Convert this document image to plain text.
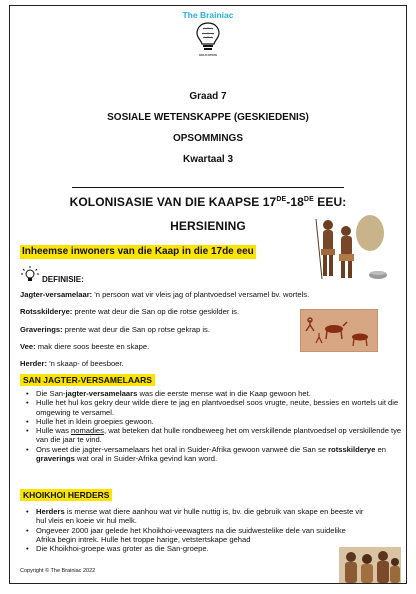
The Brainiac
EDUCATION
Graad 7
SOSIALE WETENSKAPPE (GESKIEDENIS)
OPSOMMINGS
Kwartaal 3
KOLONISASIE VAN DIE KAAPSE 17DE-18DE EEU:
HERSIENING
Inheemse inwoners van die Kaap in die 17de eeu
DEFINISIE:
Jagter-versamelaar: 'n persoon wat vir vleis jag of plantvoedsel versamel bv. wortels.
Rotsskilderye: prente wat deur die San op die rotse geskilder is.
Graverings: prente wat deur die San op rotse gekrap is.
Vee: mak diere soos beeste en skape.
Herder: 'n skaap- of beesboer.
SAN JAGTER-VERSAMELAARS
• Die San-jagter-versamelaars was die eerste mense wat in die Kaap gewoon het.
• Hulle het hul kos gekry deur wilde diere te jag en plantvoedsel soos vrugte, neute, bessies en wortels uit die omgewing te versamel.
• Hulle het in klein groepies gewoon.
• Hulle was nomadies, wat beteken dat hulle rondbeweeg het om verskillende plantvoedsel op verskillende tye van die jaar te vind.
• Ons weet die jagter-versamelaars het oral in Suider-Afrika gewoon vanweë die San se rotsskilderye en graverings wat oral in Suider-Afrika gevind kan word.
KHOIKHOI HERDERS
• Herders is mense wat diere aanhou wat vir hulle nuttig is, bv. die gebruik van skape en beeste vir hul vleis en koeie vir hul melk.
• Ongeveer 2000 jaar gelede het Khoikhoi-veewagters na die suidwestelike dele van suidelike Afrika begin intrek. Hulle het troppe harige, vetstertskape gehad
• Die Khoikhoi-groepe was groter as die San-groepe.
Copyright © The Brainiac 2022
